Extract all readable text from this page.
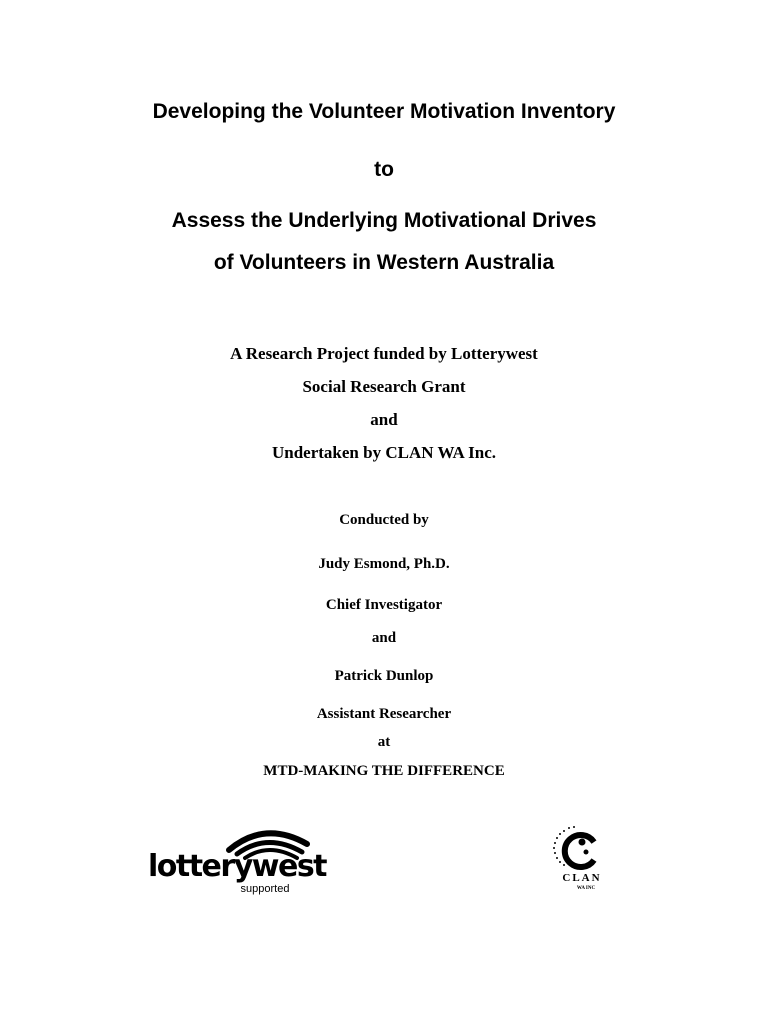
Developing the Volunteer Motivation Inventory
to
Assess the Underlying Motivational Drives
of Volunteers in Western Australia
A Research Project funded by Lotterywest
Social Research Grant
and
Undertaken by CLAN WA Inc.
Conducted by
Judy Esmond, Ph.D.
Chief Investigator
and
Patrick Dunlop
Assistant Researcher
at
MTD-MAKING THE DIFFERENCE
lotterywest
supported
CLAN
WA INC
